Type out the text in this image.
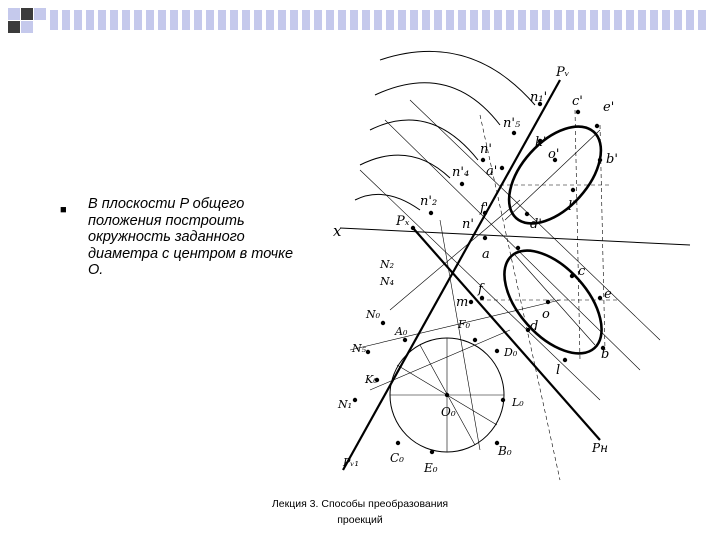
■ В плоскости P общего положения построить окружность заданного диаметра с центром в точке О.
Pᵥ
n₁' c' e'
n'₅
k'
n'	o'
n'₄ a'
b'
n'₂	f'	l'
n'	d'
x
Pₓ
N₂
N₄
a
c
e
f
m
o
d
N₀
A₀
F₀
b
D₀
N₅
K₀
l
L₀
N₁
O₀
B₀	Pн
Pᵥ₁	C₀
E₀
Лекция 3. Способы преобразования проекций
